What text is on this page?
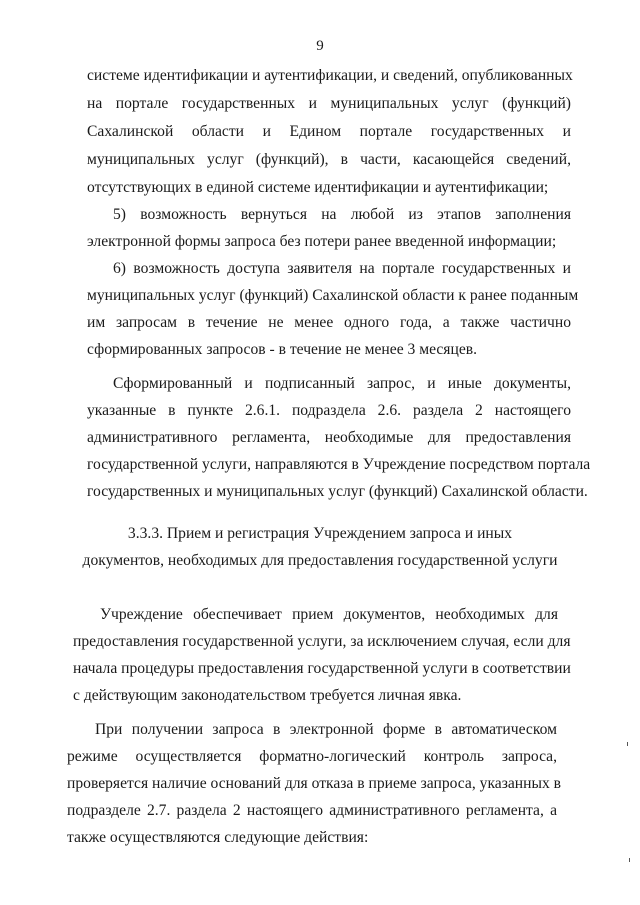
9
системе идентификации и аутентификации, и сведений, опубликованных
на портале государственных и муниципальных услуг (функций)
Сахалинской области и Едином портале государственных и
муниципальных услуг (функций), в части, касающейся сведений,
отсутствующих в единой системе идентификации и аутентификации;
5) возможность вернуться на любой из этапов заполнения
электронной формы запроса без потери ранее введенной информации;
6) возможность доступа заявителя на портале государственных и
муниципальных услуг (функций) Сахалинской области к ранее поданным
им запросам в течение не менее одного года, а также частично
сформированных запросов - в течение не менее 3 месяцев.
Сформированный и подписанный запрос, и иные документы,
указанные в пункте 2.6.1. подраздела 2.6. раздела 2 настоящего
административного регламента, необходимые для предоставления
государственной услуги, направляются в Учреждение посредством портала
государственных и муниципальных услуг (функций) Сахалинской области.
3.3.3. Прием и регистрация Учреждением запроса и иных
документов, необходимых для предоставления государственной услуги
Учреждение обеспечивает прием документов, необходимых для
предоставления государственной услуги, за исключением случая, если для
начала процедуры предоставления государственной услуги в соответствии
с действующим законодательством требуется личная явка.
При получении запроса в электронной форме в автоматическом
режиме осуществляется форматно-логический контроль запроса,
проверяется наличие оснований для отказа в приеме запроса, указанных в
подразделе 2.7. раздела 2 настоящего административного регламента, а
также осуществляются следующие действия:
